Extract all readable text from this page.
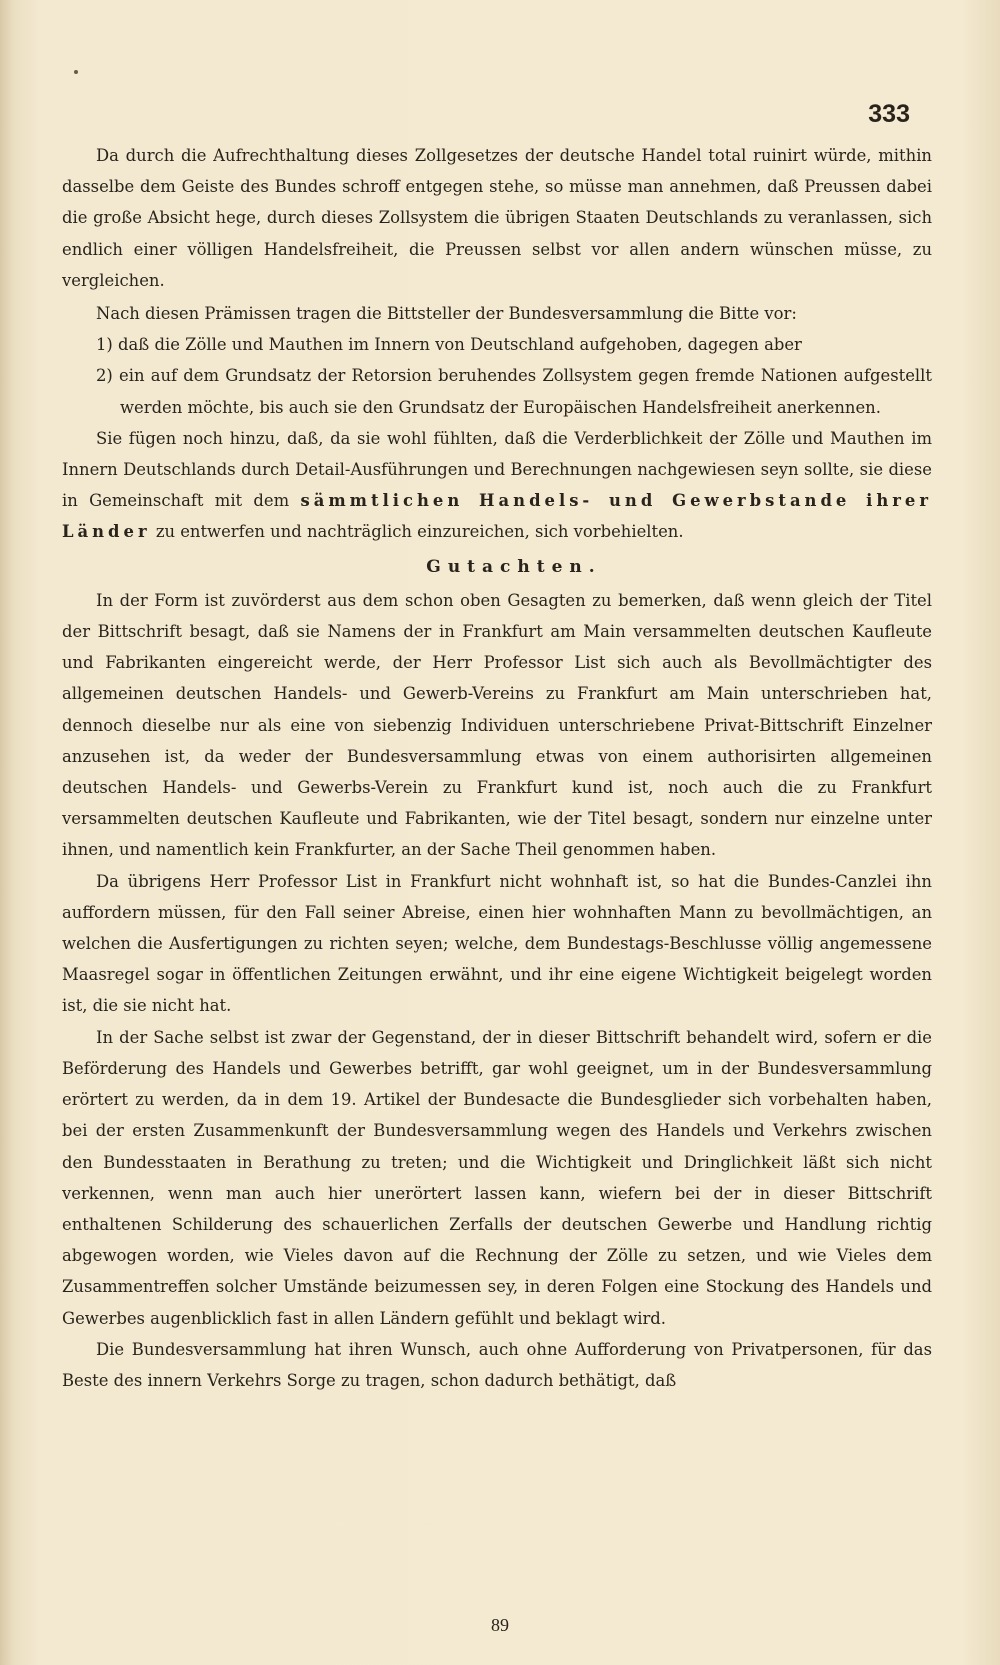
333

Da durch die Aufrechthaltung dieses Zollgesetzes der deutsche Handel total ruinirt würde, mithin dasselbe dem Geiste des Bundes schroff entgegen stehe, so müsse man annehmen, daß Preussen dabei die große Absicht hege, durch dieses Zollsystem die übrigen Staaten Deutschlands zu veranlassen, sich endlich einer völligen Handelsfreiheit, die Preussen selbst vor allen andern wünschen müsse, zu vergleichen.

Nach diesen Prämissen tragen die Bittsteller der Bundesversammlung die Bitte vor:

1) daß die Zölle und Mauthen im Innern von Deutschland aufgehoben, dagegen aber

2) ein auf dem Grundsatz der Retorsion beruhendes Zollsystem gegen fremde Nationen aufgestellt werden möchte, bis auch sie den Grundsatz der Europäischen Handelsfreiheit anerkennen.

Sie fügen noch hinzu, daß, da sie wohl fühlten, daß die Verderblichkeit der Zölle und Mauthen im Innern Deutschlands durch Detail-Ausführungen und Berechnungen nachgewiesen seyn sollte, sie diese in Gemeinschaft mit dem sämmtlichen Handels- und Gewerbstande ihrer Länder zu entwerfen und nachträglich einzureichen, sich vorbehielten.

Gutachten.

In der Form ist zuvörderst aus dem schon oben Gesagten zu bemerken, daß wenn gleich der Titel der Bittschrift besagt, daß sie Namens der in Frankfurt am Main versammelten deutschen Kaufleute und Fabrikanten eingereicht werde, der Herr Professor List sich auch als Bevollmächtigter des allgemeinen deutschen Handels- und Gewerb-Vereins zu Frankfurt am Main unterschrieben hat, dennoch dieselbe nur als eine von siebenzig Individuen unterschriebene Privat-Bittschrift Einzelner anzusehen ist, da weder der Bundesversammlung etwas von einem authorisirten allgemeinen deutschen Handels- und Gewerbs-Verein zu Frankfurt kund ist, noch auch die zu Frankfurt versammelten deutschen Kaufleute und Fabrikanten, wie der Titel besagt, sondern nur einzelne unter ihnen, und namentlich kein Frankfurter, an der Sache Theil genommen haben.

Da übrigens Herr Professor List in Frankfurt nicht wohnhaft ist, so hat die Bundes-Canzlei ihn auffordern müssen, für den Fall seiner Abreise, einen hier wohnhaften Mann zu bevollmächtigen, an welchen die Ausfertigungen zu richten seyen; welche, dem Bundestags-Beschlusse völlig angemessene Maasregel sogar in öffentlichen Zeitungen erwähnt, und ihr eine eigene Wichtigkeit beigelegt worden ist, die sie nicht hat.

In der Sache selbst ist zwar der Gegenstand, der in dieser Bittschrift behandelt wird, sofern er die Beförderung des Handels und Gewerbes betrifft, gar wohl geeignet, um in der Bundesversammlung erörtert zu werden, da in dem 19. Artikel der Bundesacte die Bundesglieder sich vorbehalten haben, bei der ersten Zusammenkunft der Bundesversammlung wegen des Handels und Verkehrs zwischen den Bundesstaaten in Berathung zu treten; und die Wichtigkeit und Dringlichkeit läßt sich nicht verkennen, wenn man auch hier unerörtert lassen kann, wiefern bei der in dieser Bittschrift enthaltenen Schilderung des schauerlichen Zerfalls der deutschen Gewerbe und Handlung richtig abgewogen worden, wie Vieles davon auf die Rechnung der Zölle zu setzen, und wie Vieles dem Zusammentreffen solcher Umstände beizumessen sey, in deren Folgen eine Stockung des Handels und Gewerbes augenblicklich fast in allen Ländern gefühlt und beklagt wird.

Die Bundesversammlung hat ihren Wunsch, auch ohne Aufforderung von Privatpersonen, für das Beste des innern Verkehrs Sorge zu tragen, schon dadurch bethätigt, daß

89
